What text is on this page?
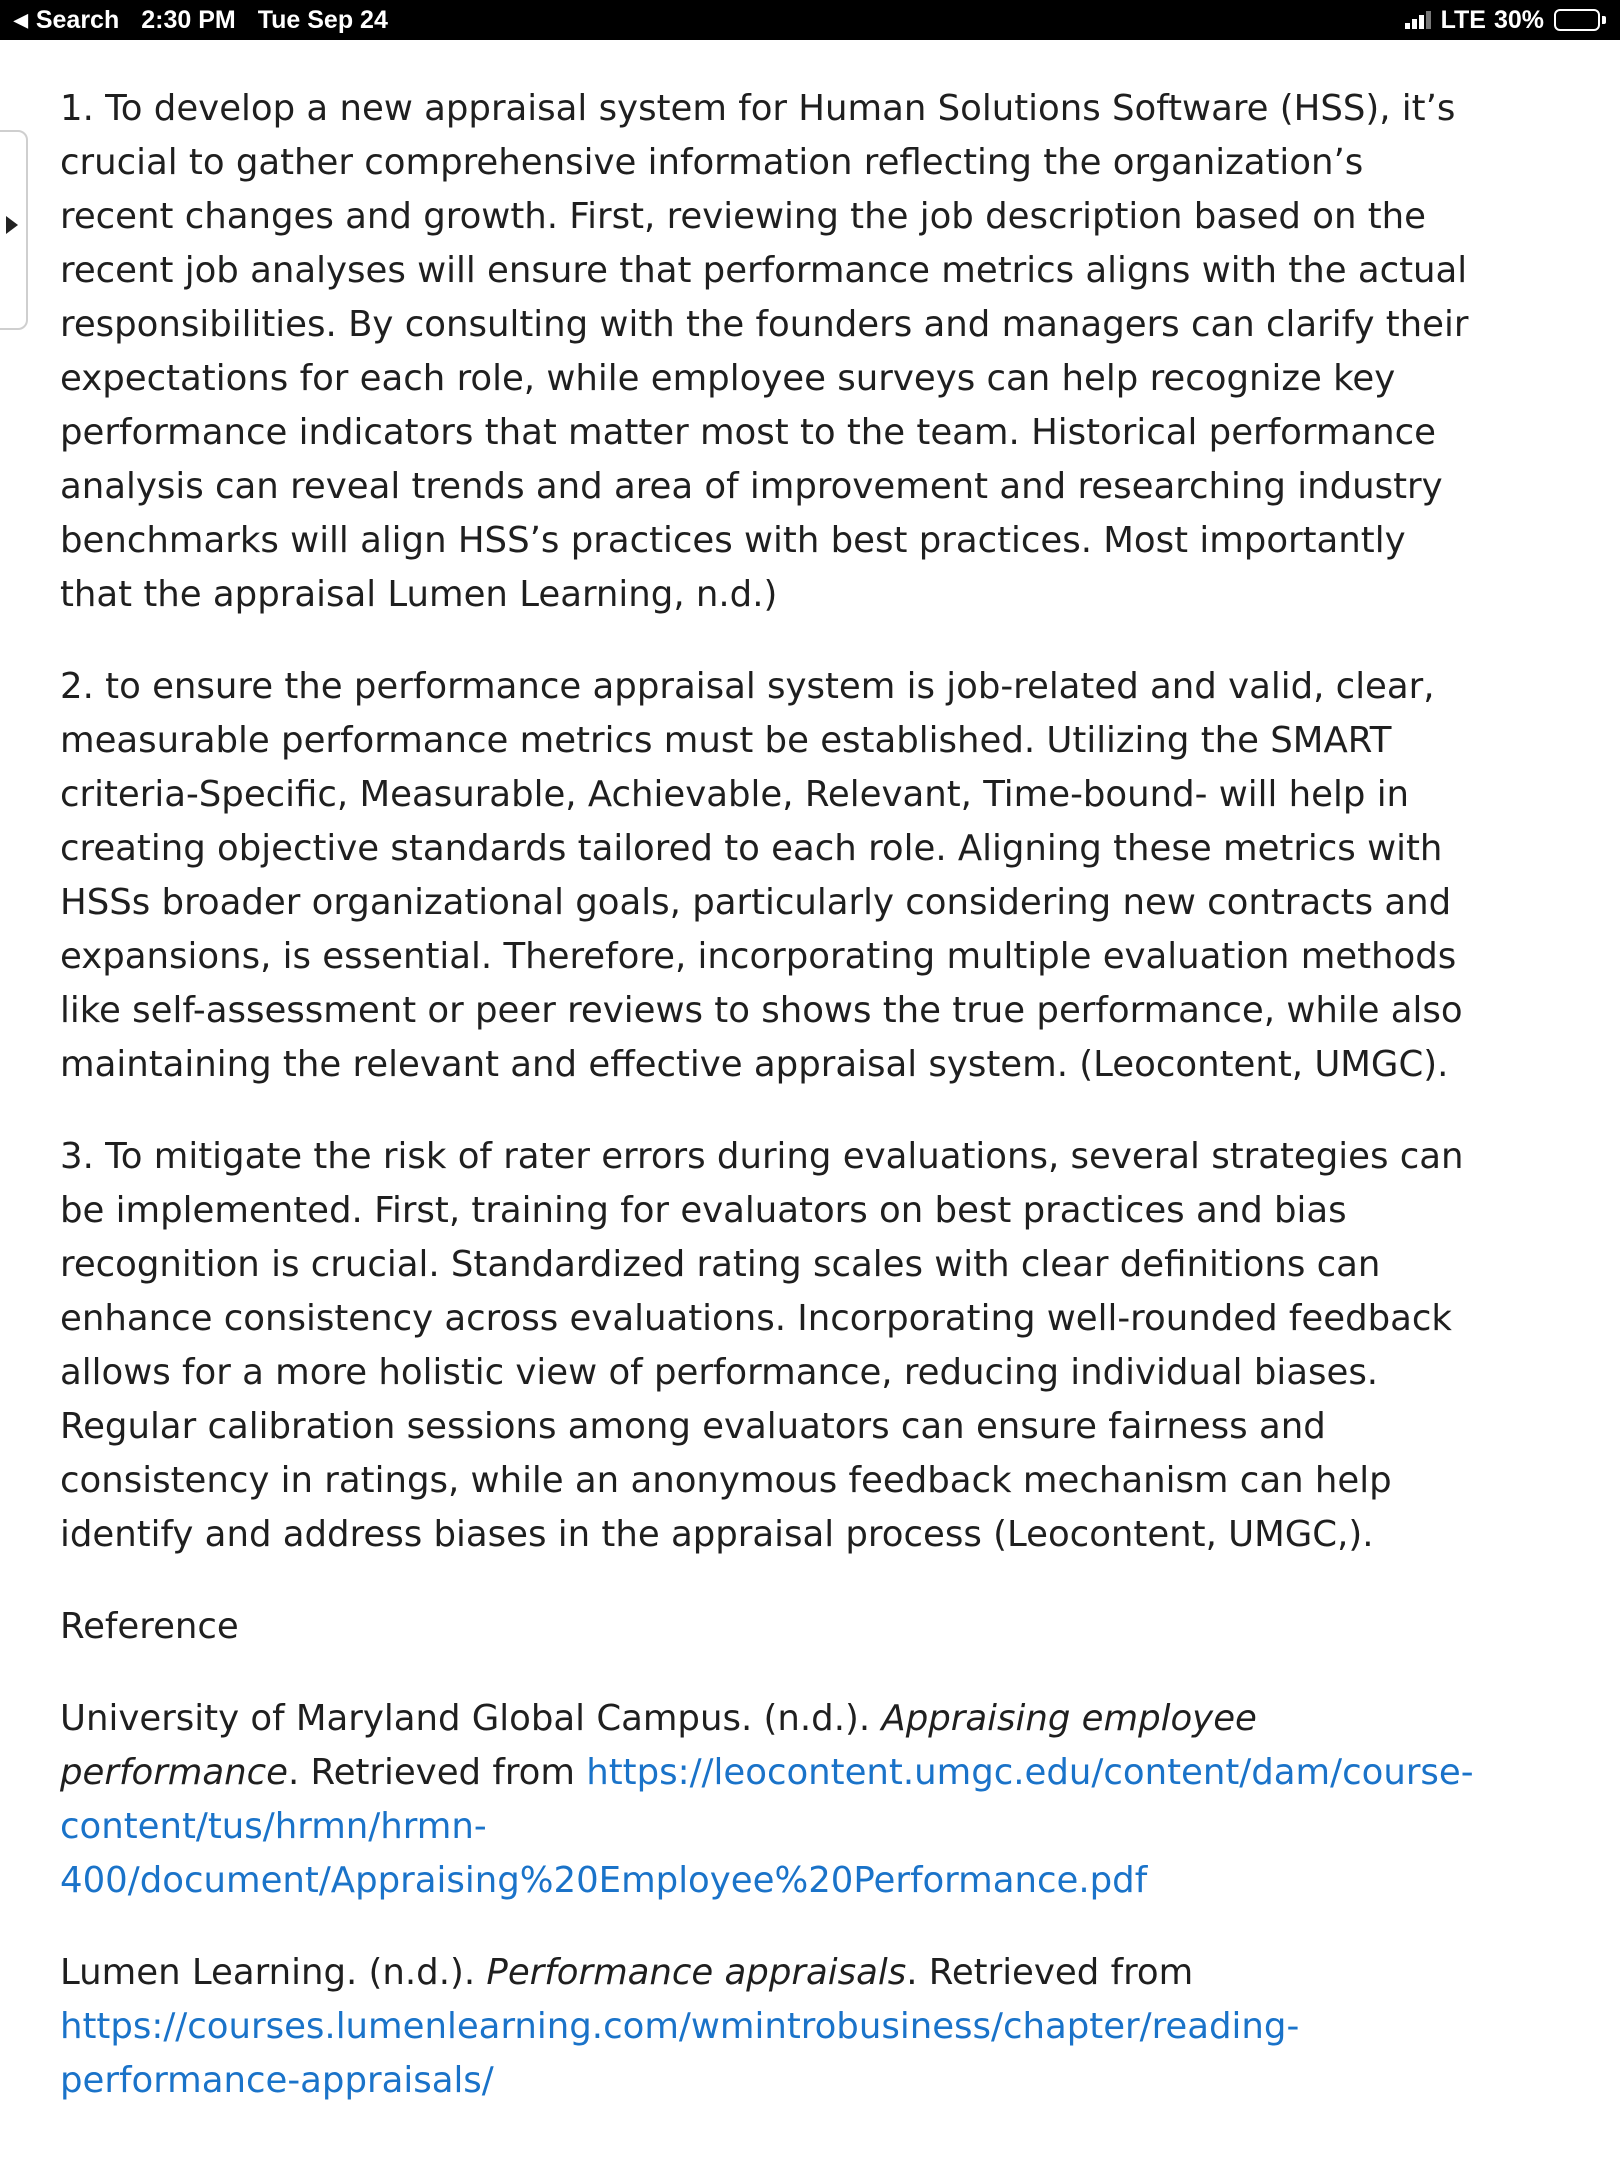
◀ Search 2:30 PM Tue Sep 24	LTE 30%

1. To develop a new appraisal system for Human Solutions Software (HSS), it’s crucial to gather comprehensive information reflecting the organization’s recent changes and growth. First, reviewing the job description based on the recent job analyses will ensure that performance metrics aligns with the actual responsibilities. By consulting with the founders and managers can clarify their expectations for each role, while employee surveys can help recognize key performance indicators that matter most to the team. Historical performance analysis can reveal trends and area of improvement and researching industry benchmarks will align HSS’s practices with best practices. Most importantly that the appraisal Lumen Learning, n.d.)

2. to ensure the performance appraisal system is job-related and valid, clear, measurable performance metrics must be established. Utilizing the SMART criteria-Specific, Measurable, Achievable, Relevant, Time-bound- will help in creating objective standards tailored to each role. Aligning these metrics with HSSs broader organizational goals, particularly considering new contracts and expansions, is essential. Therefore, incorporating multiple evaluation methods like self-assessment or peer reviews to shows the true performance, while also maintaining the relevant and effective appraisal system. (Leocontent, UMGC).

3. To mitigate the risk of rater errors during evaluations, several strategies can be implemented. First, training for evaluators on best practices and bias recognition is crucial. Standardized rating scales with clear definitions can enhance consistency across evaluations. Incorporating well-rounded feedback allows for a more holistic view of performance, reducing individual biases. Regular calibration sessions among evaluators can ensure fairness and consistency in ratings, while an anonymous feedback mechanism can help identify and address biases in the appraisal process (Leocontent, UMGC,).

Reference

University of Maryland Global Campus. (n.d.). Appraising employee performance. Retrieved from https://leocontent.umgc.edu/content/dam/course-content/tus/hrmn/hrmn-400/document/Appraising%20Employee%20Performance.pdf

Lumen Learning. (n.d.). Performance appraisals. Retrieved from https://courses.lumenlearning.com/wmintrobusiness/chapter/reading-performance-appraisals/
